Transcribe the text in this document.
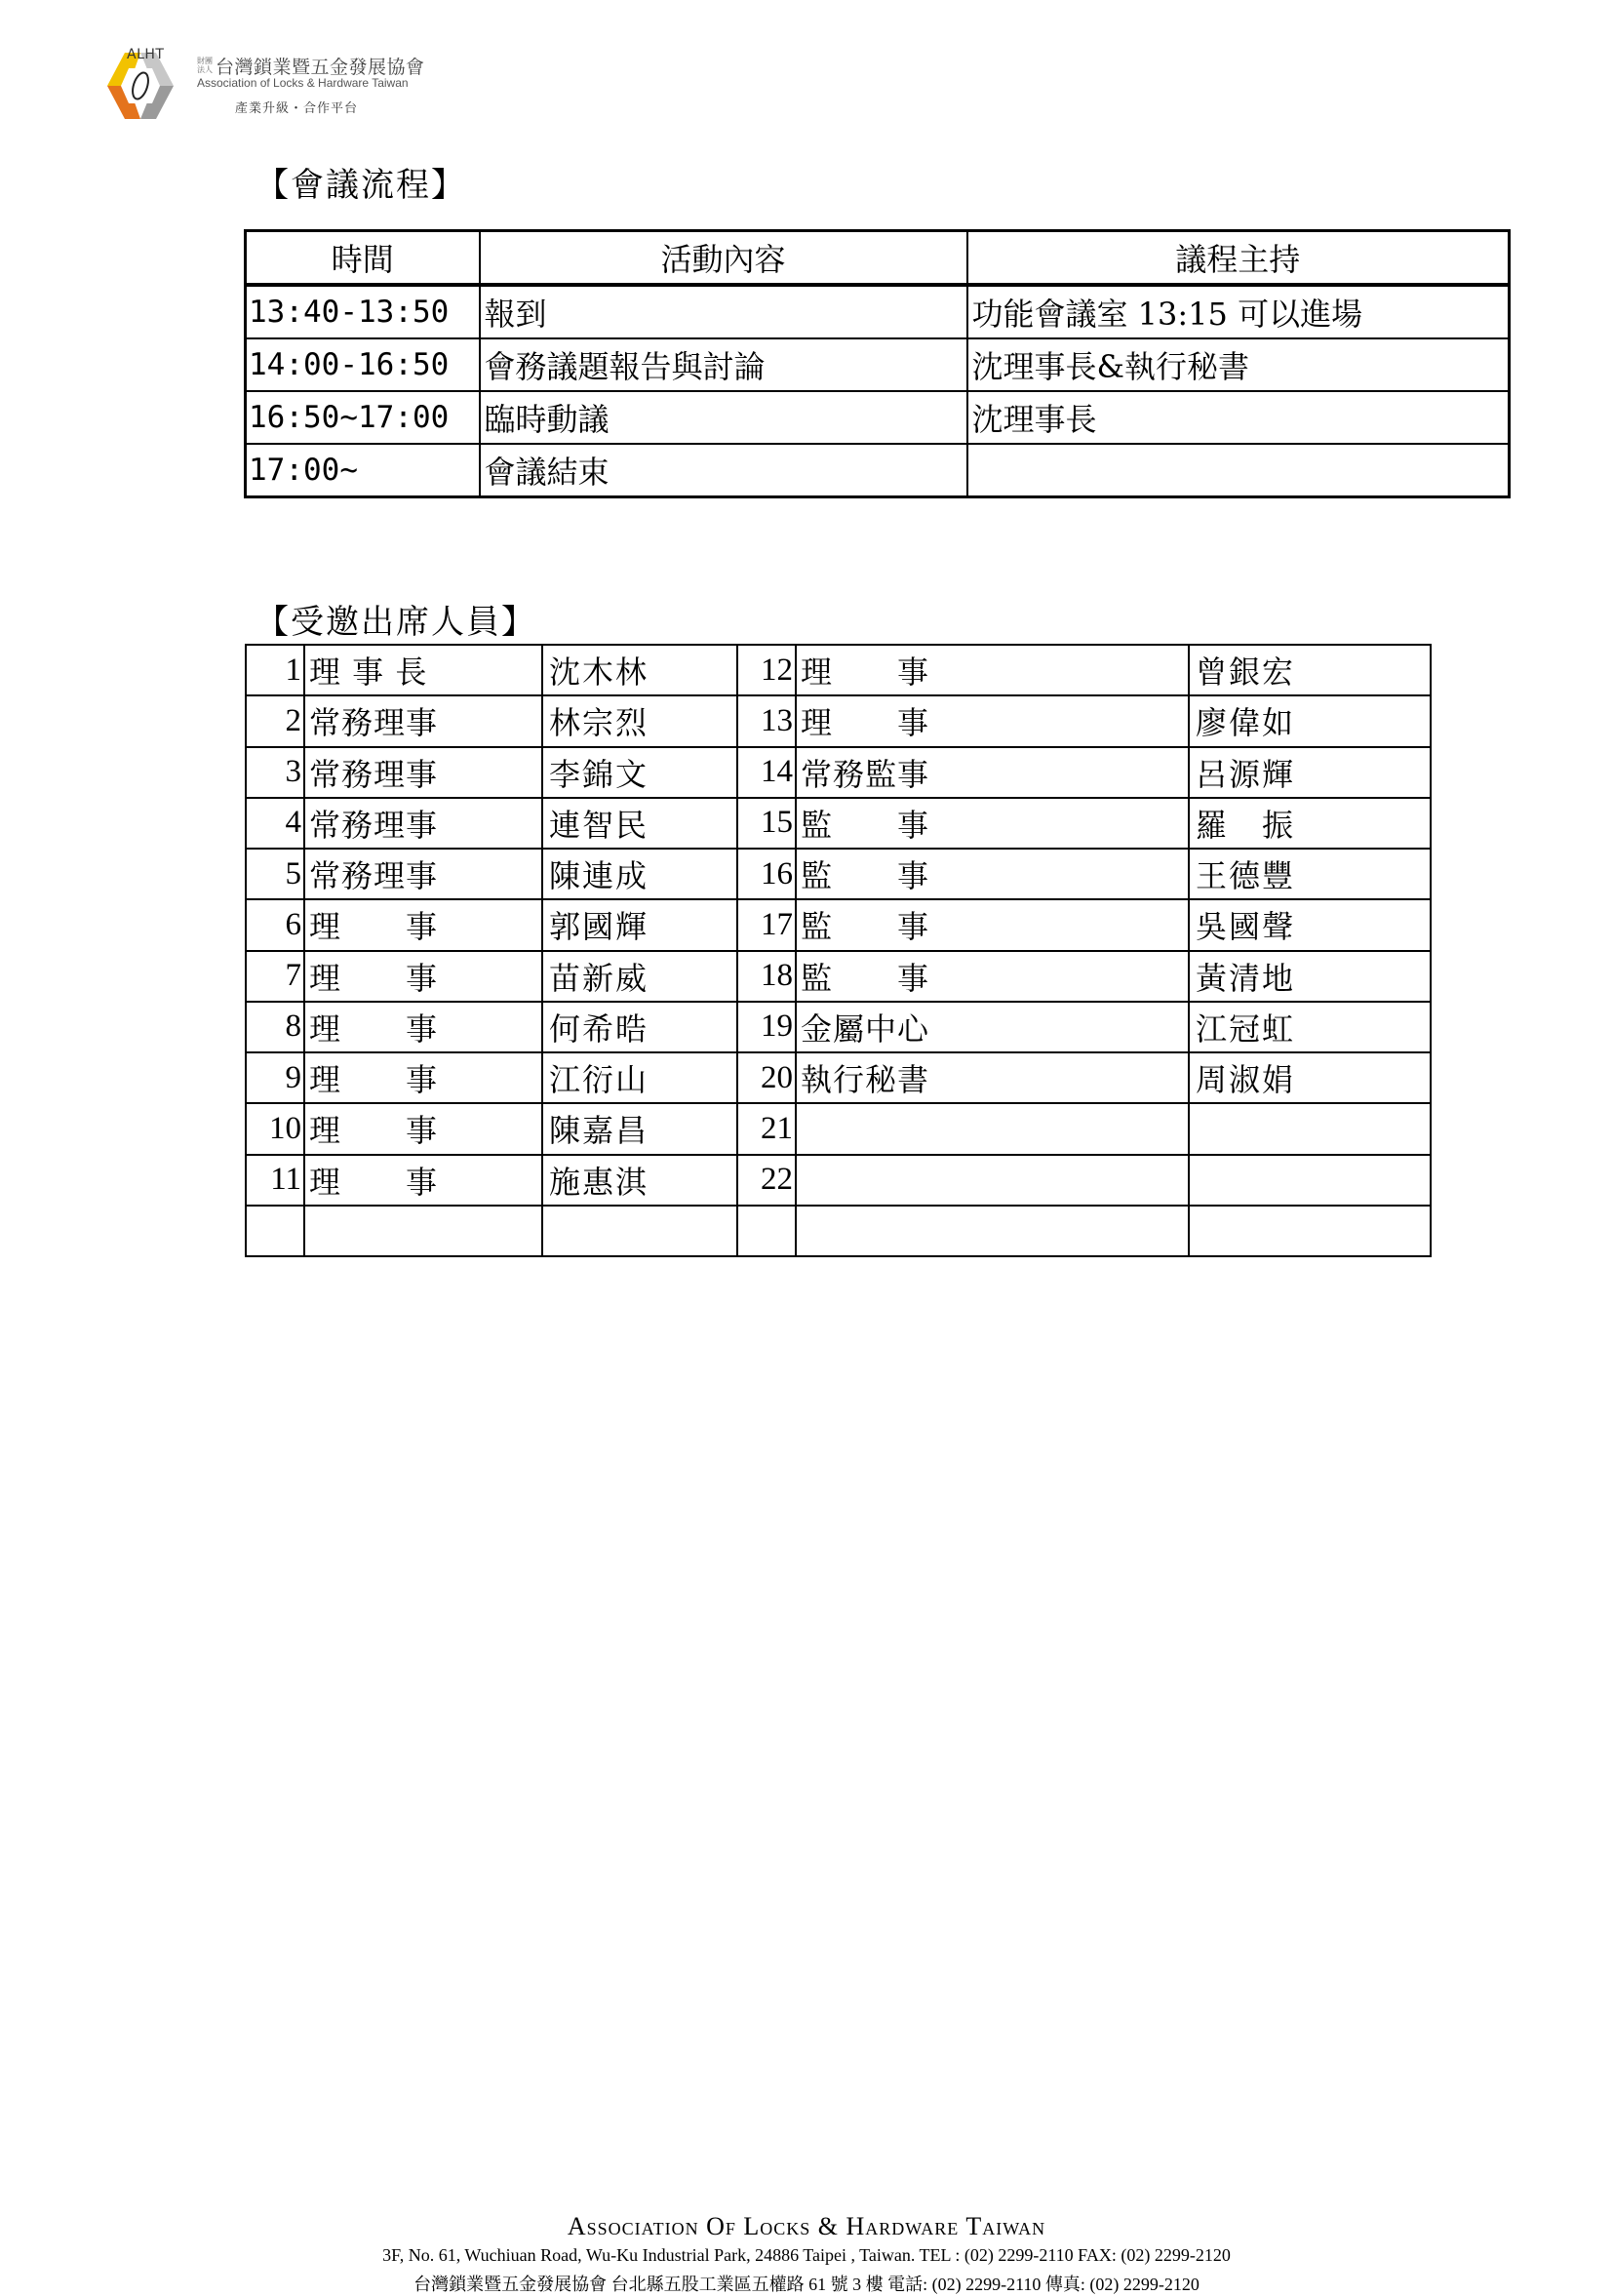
ALHT	財團法人 台灣鎖業暨五金發展協會
Association of Locks & Hardware Taiwan
產業升級・合作平台
【會議流程】
時間	活動內容	議程主持
13:40-13:50	報到	功能會議室 13:15 可以進場
14:00-16:50	會務議題報告與討論	沈理事長&執行秘書
16:50~17:00	臨時動議	沈理事長
17:00~	會議結束	
【受邀出席人員】
1	理 事 長	沈木林	12	理　　事	曾銀宏
2	常務理事	林宗烈	13	理　　事	廖偉如
3	常務理事	李錦文	14	常務監事	呂源輝
4	常務理事	連智民	15	監　　事	羅　振
5	常務理事	陳連成	16	監　　事	王德豐
6	理　　事	郭國輝	17	監　　事	吳國聲
7	理　　事	苗新威	18	監　　事	黃清地
8	理　　事	何希晧	19	金屬中心	江冠虹
9	理　　事	江衍山	20	執行秘書	周淑娟
10	理　　事	陳嘉昌	21		
11	理　　事	施惠淇	22		

Association Of Locks & Hardware Taiwan
3F, No. 61, Wuchiuan Road, Wu-Ku Industrial Park, 24886 Taipei , Taiwan. TEL : (02) 2299-2110 FAX: (02) 2299-2120
台灣鎖業暨五金發展協會 台北縣五股工業區五權路 61 號 3 樓 電話: (02) 2299-2110 傳真: (02) 2299-2120
